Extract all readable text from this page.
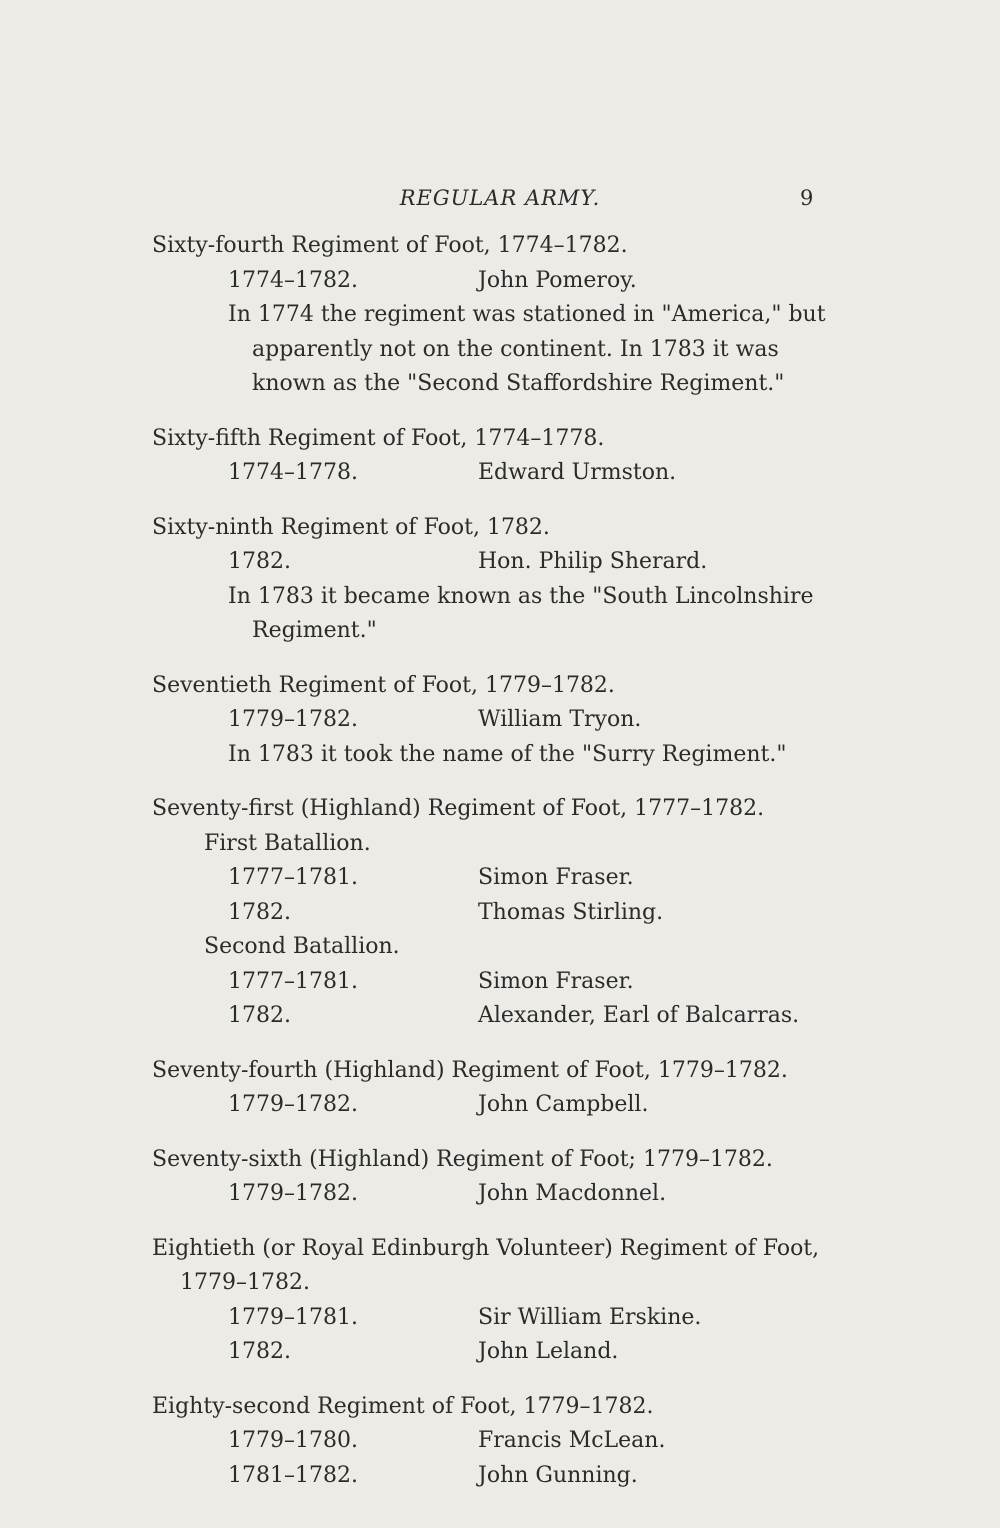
REGULAR ARMY.	9
Sixty-fourth Regiment of Foot, 1774–1782.
1774–1782.	John Pomeroy.
In 1774 the regiment was stationed in "America," but
apparently not on the continent. In 1783 it was
known as the "Second Staffordshire Regiment."
Sixty-fifth Regiment of Foot, 1774–1778.
1774–1778.	Edward Urmston.
Sixty-ninth Regiment of Foot, 1782.
1782.	Hon. Philip Sherard.
In 1783 it became known as the "South Lincolnshire
Regiment."
Seventieth Regiment of Foot, 1779–1782.
1779–1782.	William Tryon.
In 1783 it took the name of the "Surry Regiment."
Seventy-first (Highland) Regiment of Foot, 1777–1782.
First Batallion.
1777–1781.	Simon Fraser.
1782.	Thomas Stirling.
Second Batallion.
1777–1781.	Simon Fraser.
1782.	Alexander, Earl of Balcarras.
Seventy-fourth (Highland) Regiment of Foot, 1779–1782.
1779–1782.	John Campbell.
Seventy-sixth (Highland) Regiment of Foot; 1779–1782.
1779–1782.	John Macdonnel.
Eightieth (or Royal Edinburgh Volunteer) Regiment of Foot,
1779–1782.
1779–1781.	Sir William Erskine.
1782.	John Leland.
Eighty-second Regiment of Foot, 1779–1782.
1779–1780.	Francis McLean.
1781–1782.	John Gunning.
